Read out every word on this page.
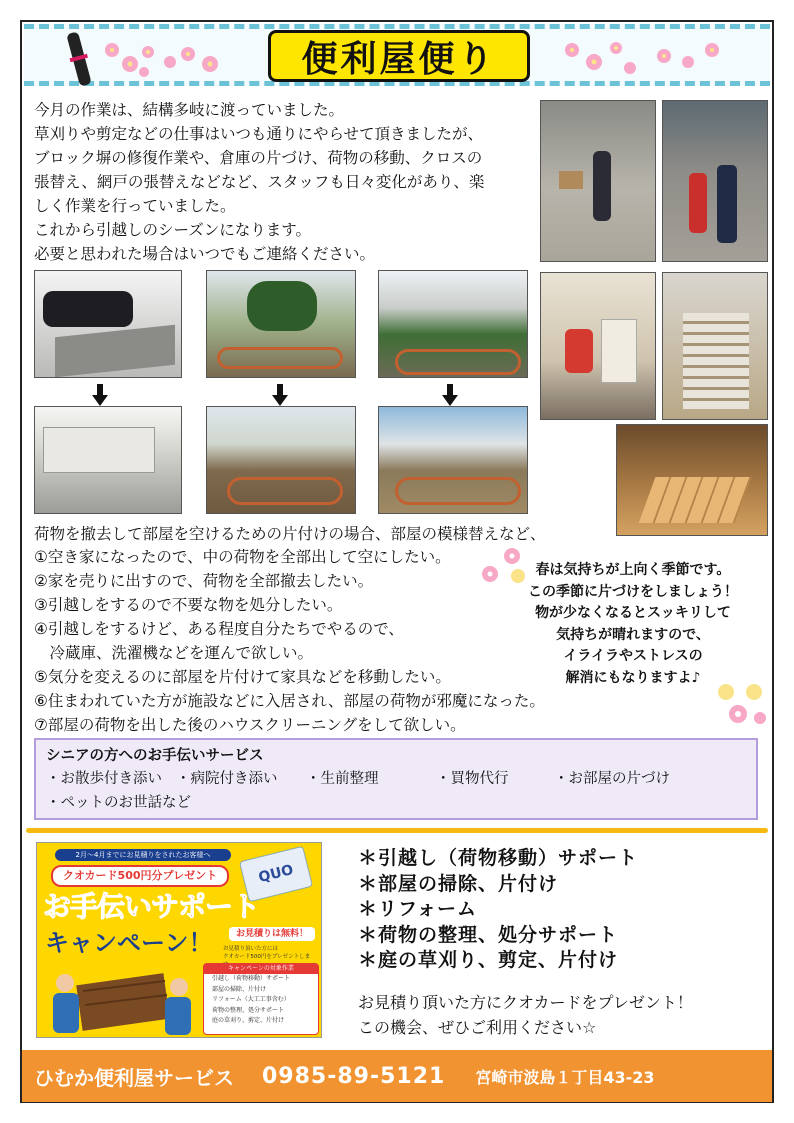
便利屋便り

今月の作業は、結構多岐に渡っていました。

草刈りや剪定などの仕事はいつも通りにやらせて頂きましたが、

ブロック塀の修復作業や、倉庫の片づけ、荷物の移動、クロスの

張替え、網戸の張替えなどなど、スタッフも日々変化があり、楽

しく作業を行っていました。

これから引越しのシーズンになります。

必要と思われた場合はいつでもご連絡ください。

荷物を撤去して部屋を空けるための片付けの場合、部屋の模様替えなど、
①空き家になったので、中の荷物を全部出して空にしたい。
②家を売りに出すので、荷物を全部撤去したい。
③引越しをするので不要な物を処分したい。
④引越しをするけど、ある程度自分たちでやるので、
　冷蔵庫、洗濯機などを運んで欲しい。
⑤気分を変えるのに部屋を片付けて家具などを移動したい。
⑥住まわれていた方が施設などに入居され、部屋の荷物が邪魔になった。
⑦部屋の荷物を出した後のハウスクリーニングをして欲しい。
春は気持ちが上向く季節です。
この季節に片づけをしましょう！
物が少なくなるとスッキリして
気持ちが晴れますので、
イライラやストレスの
解消にもなりますよ♪
シニアの方へのお手伝いサービス
・お散歩付き添い ・病院付き添い	・生前整理	・買物代行	・お部屋の片づけ
・ペットのお世話など
2月〜4月までにお見積りをされたお客様へ
クオカード500円分プレゼント	QUO
お手伝いサポート
キャンペーン！	お見積りは無料！
お見積り頂いた方には
クオカード500円をプレゼントしま
キャンペーンの対象作業
引越し（荷物移動）サポート
部屋の掃除、片付け
リフォーム（大工工事含む）
荷物の整理、処分サポート
庭の草刈り、剪定、片付け
＊引越し（荷物移動）サポート
＊部屋の掃除、片付け
＊リフォーム
＊荷物の整理、処分サポート
＊庭の草刈り、剪定、片付け
お見積り頂いた方にクオカードをプレゼント！
この機会、ぜひご利用ください☆
ひむか便利屋サービス 0985-89-5121 宮崎市波島１丁目43-23
